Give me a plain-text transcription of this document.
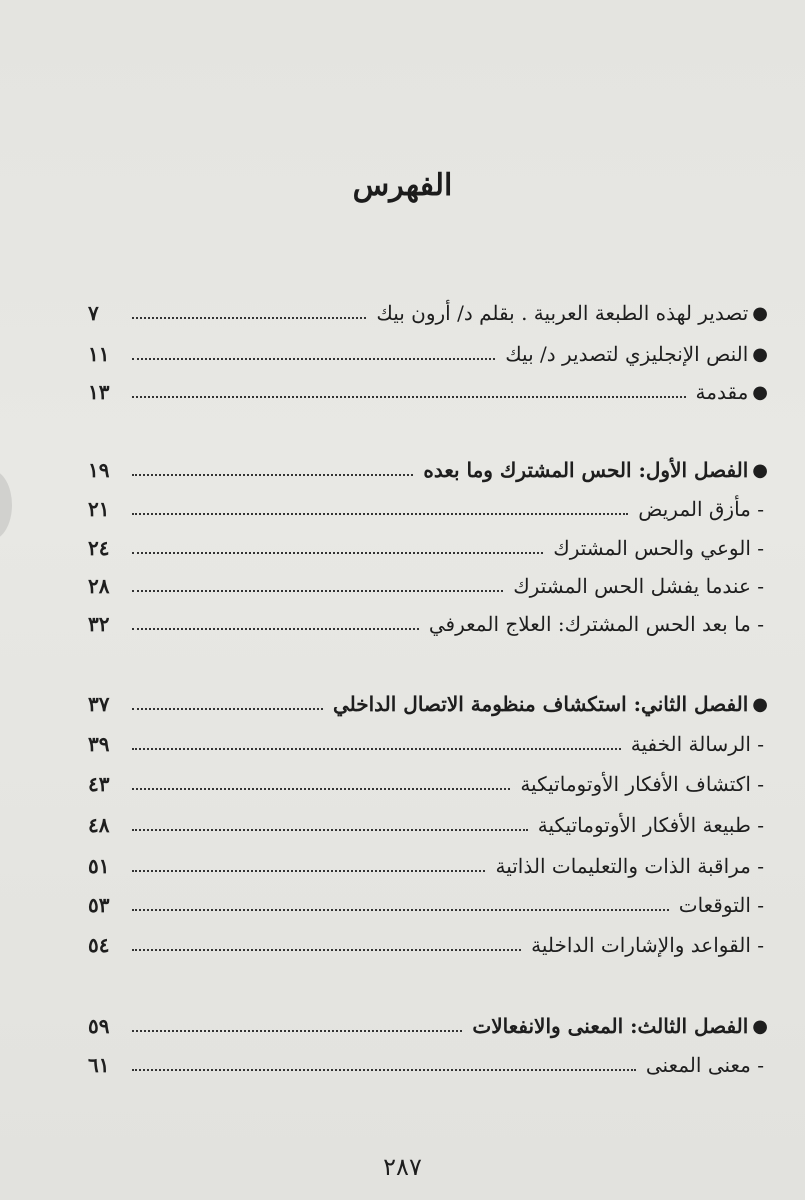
الفهرس
●
تصدير لهذه الطبعة العربية . بقلم د/ أرون بيك
٧
●
النص الإنجليزي لتصدير د/ بيك
١١
●
مقدمة
١٣
●
الفصل الأول: الحس المشترك وما بعده
١٩
- مأزق المريض
٢١
- الوعي والحس المشترك
٢٤
- عندما يفشل الحس المشترك
٢٨
- ما بعد الحس المشترك: العلاج المعرفي
٣٢
●
الفصل الثاني: استكشاف منظومة الاتصال الداخلي
٣٧
- الرسالة الخفية
٣٩
- اكتشاف الأفكار الأوتوماتيكية
٤٣
- طبيعة الأفكار الأوتوماتيكية
٤٨
- مراقبة الذات والتعليمات الذاتية
٥١
- التوقعات
٥٣
- القواعد والإشارات الداخلية
٥٤
●
الفصل الثالث: المعنى والانفعالات
٥٩
- معنى المعنى
٦١
٢٨٧
